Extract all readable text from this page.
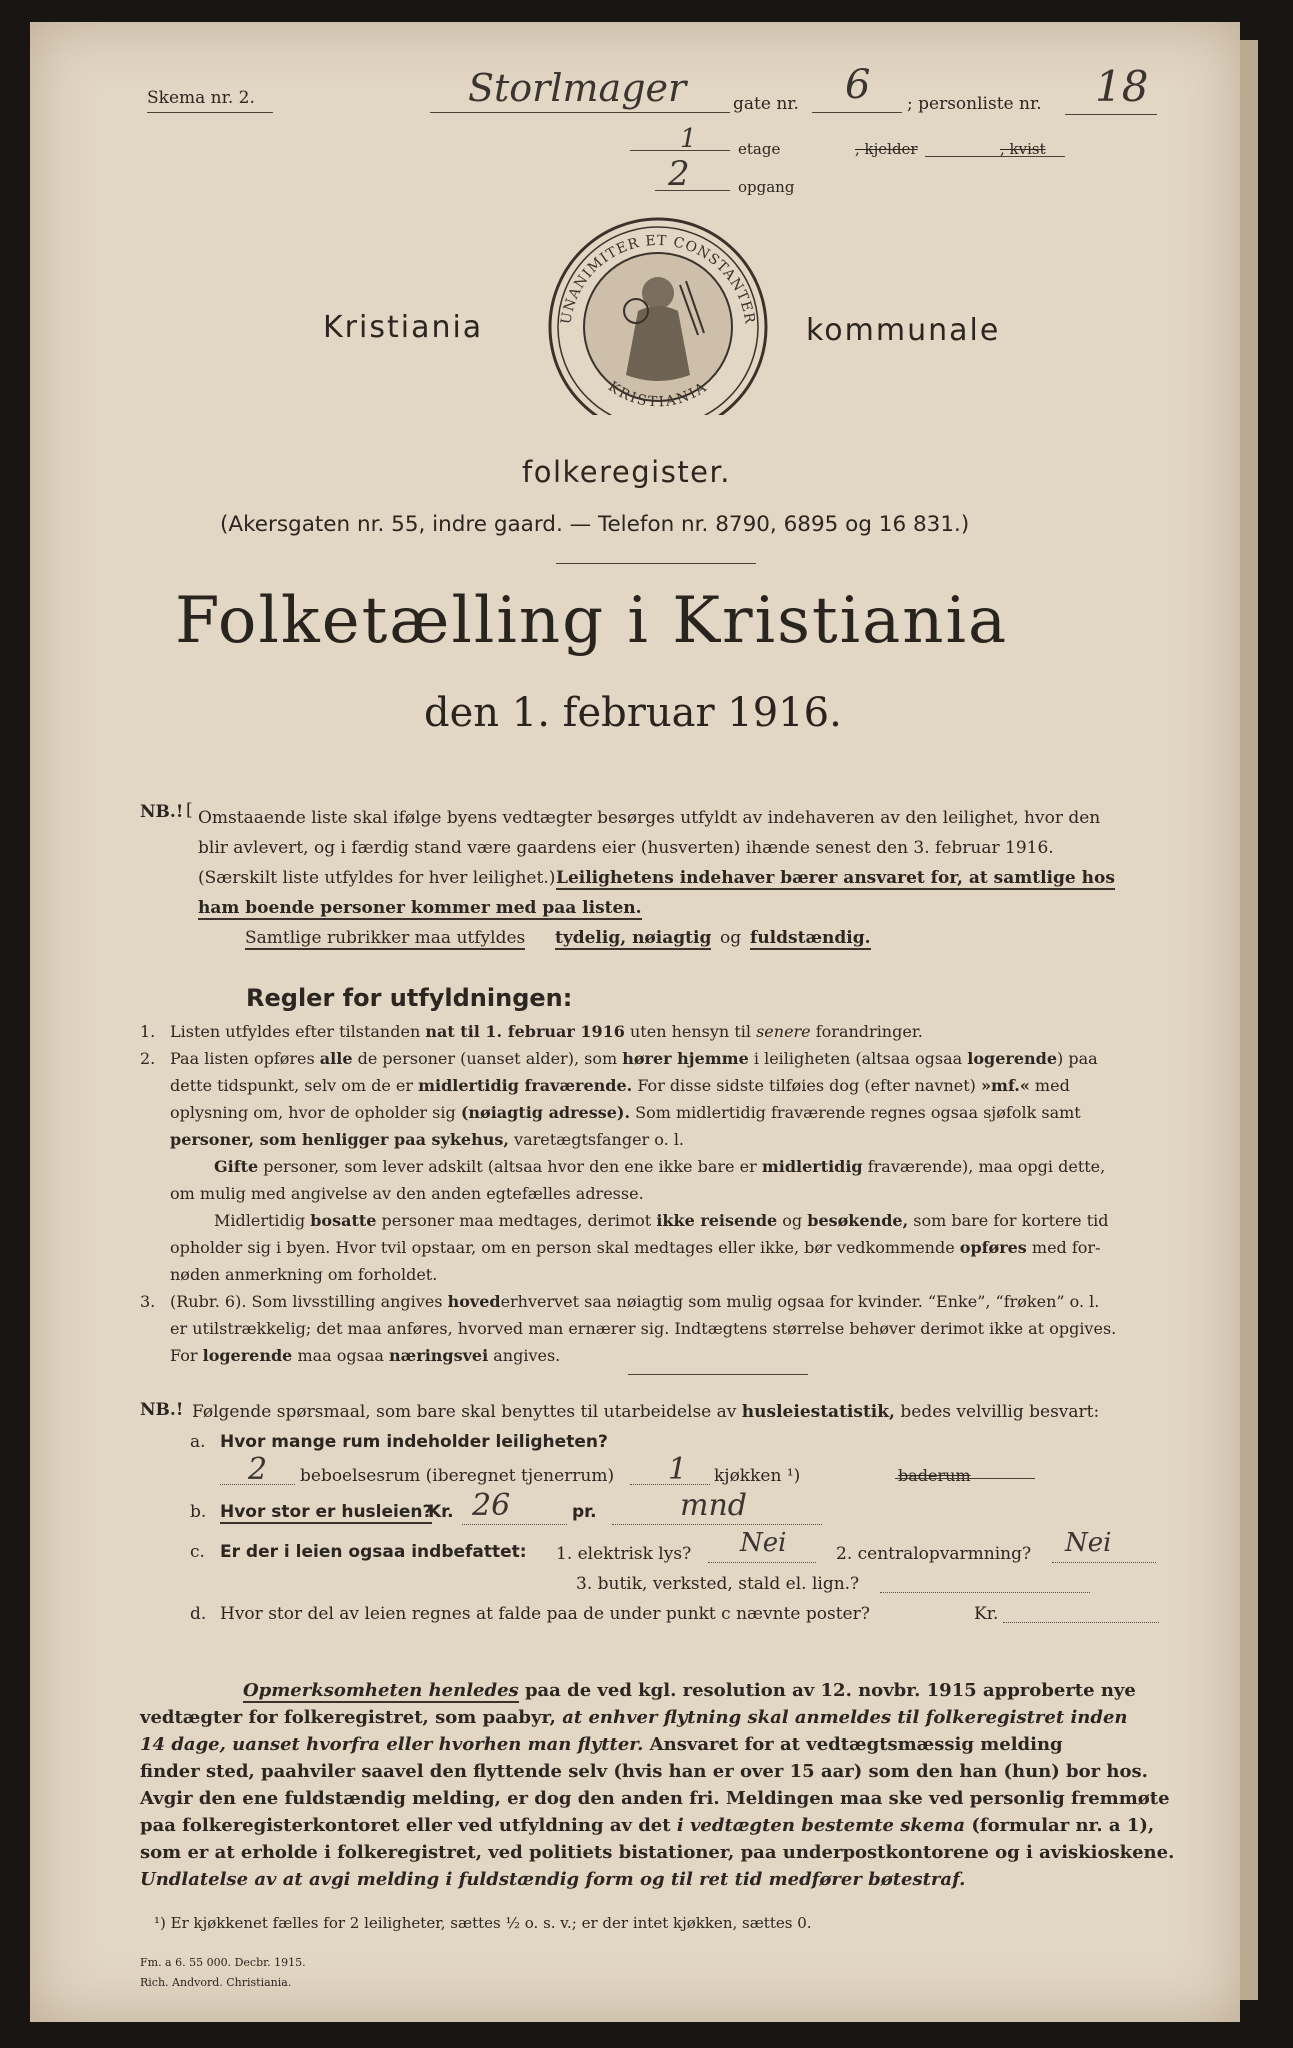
Skema nr. 2.	Storlmager	gate nr. 6 ; personliste nr. 18
1	etage	, kjelder	, kvist
2	opgang
Kristiania	kommunale
UNANIMITER ET CONSTANTER
KRISTIANIA
folkeregister.
(Akersgaten nr. 55, indre gaard. — Telefon nr. 8790, 6895 og 16 831.)
Folketælling i Kristiania
den 1. februar 1916.
NB.! [ Omstaaende liste skal ifølge byens vedtægter besørges utfyldt av indehaveren av den leilighet, hvor den
blir avlevert, og i færdig stand være gaardens eier (husverten) ihænde senest den 3. februar 1916.
(Særskilt liste utfyldes for hver leilighet.) Leilighetens indehaver bærer ansvaret for, at samtlige hos
ham boende personer kommer med paa listen.
Samtlige rubrikker maa utfyldes tydelig, nøiagtig og fuldstændig.
Regler for utfyldningen:
1. Listen utfyldes efter tilstanden nat til 1. februar 1916 uten hensyn til senere forandringer.
2. Paa listen opføres alle de personer (uanset alder), som hører hjemme i leiligheten (altsaa ogsaa logerende) paa
dette tidspunkt, selv om de er midlertidig fraværende. For disse sidste tilføies dog (efter navnet) »mf.« med
oplysning om, hvor de opholder sig (nøiagtig adresse). Som midlertidig fraværende regnes ogsaa sjøfolk samt
personer, som henligger paa sykehus, varetægtsfanger o. l.
Gifte personer, som lever adskilt (altsaa hvor den ene ikke bare er midlertidig fraværende), maa opgi dette,
om mulig med angivelse av den anden egtefælles adresse.
Midlertidig bosatte personer maa medtages, derimot ikke reisende og besøkende, som bare for kortere tid
opholder sig i byen. Hvor tvil opstaar, om en person skal medtages eller ikke, bør vedkommende opføres med for-
nøden anmerkning om forholdet.
3. (Rubr. 6). Som livsstilling angives hovederhvervet saa nøiagtig som mulig ogsaa for kvinder. “Enke”, “frøken” o. l.
er utilstrækkelig; det maa anføres, hvorved man ernærer sig. Indtægtens størrelse behøver derimot ikke at opgives.
For logerende maa ogsaa næringsvei angives.
NB.! Følgende spørsmaal, som bare skal benyttes til utarbeidelse av husleiestatistik, bedes velvillig besvart:
a. Hvor mange rum indeholder leiligheten?
2 beboelsesrum (iberegnet tjenerrum) 1 kjøkken ¹)	baderum
b. Hvor stor er husleien?
Kr. 26	pr.	mnd
c. Er der i leien ogsaa indbefattet: 1. elektrisk lys? Nei	2. centralopvarmning? Nei
3. butik, verksted, stald el. lign.?
d. Hvor stor del av leien regnes at falde paa de under punkt c nævnte poster?	Kr.
Opmerksomheten henledes paa de ved kgl. resolution av 12. novbr. 1915 approberte nye
vedtægter for folkeregistret, som paabyr, at enhver flytning skal anmeldes til folkeregistret inden
14 dage, uanset hvorfra eller hvorhen man flytter. Ansvaret for at vedtægtsmæssig melding
finder sted, paahviler saavel den flyttende selv (hvis han er over 15 aar) som den han (hun) bor hos.
Avgir den ene fuldstændig melding, er dog den anden fri. Meldingen maa ske ved personlig fremmøte
paa folkeregisterkontoret eller ved utfyldning av det i vedtægten bestemte skema (formular nr. a 1),
som er at erholde i folkeregistret, ved politiets bistationer, paa underpostkontorene og i aviskioskene.
Undlatelse av at avgi melding i fuldstændig form og til ret tid medfører bøtestraf.
¹) Er kjøkkenet fælles for 2 leiligheter, sættes ½ o. s. v.; er der intet kjøkken, sættes 0.
Fm. a 6. 55 000. Decbr. 1915.
Rich. Andvord. Christiania.
